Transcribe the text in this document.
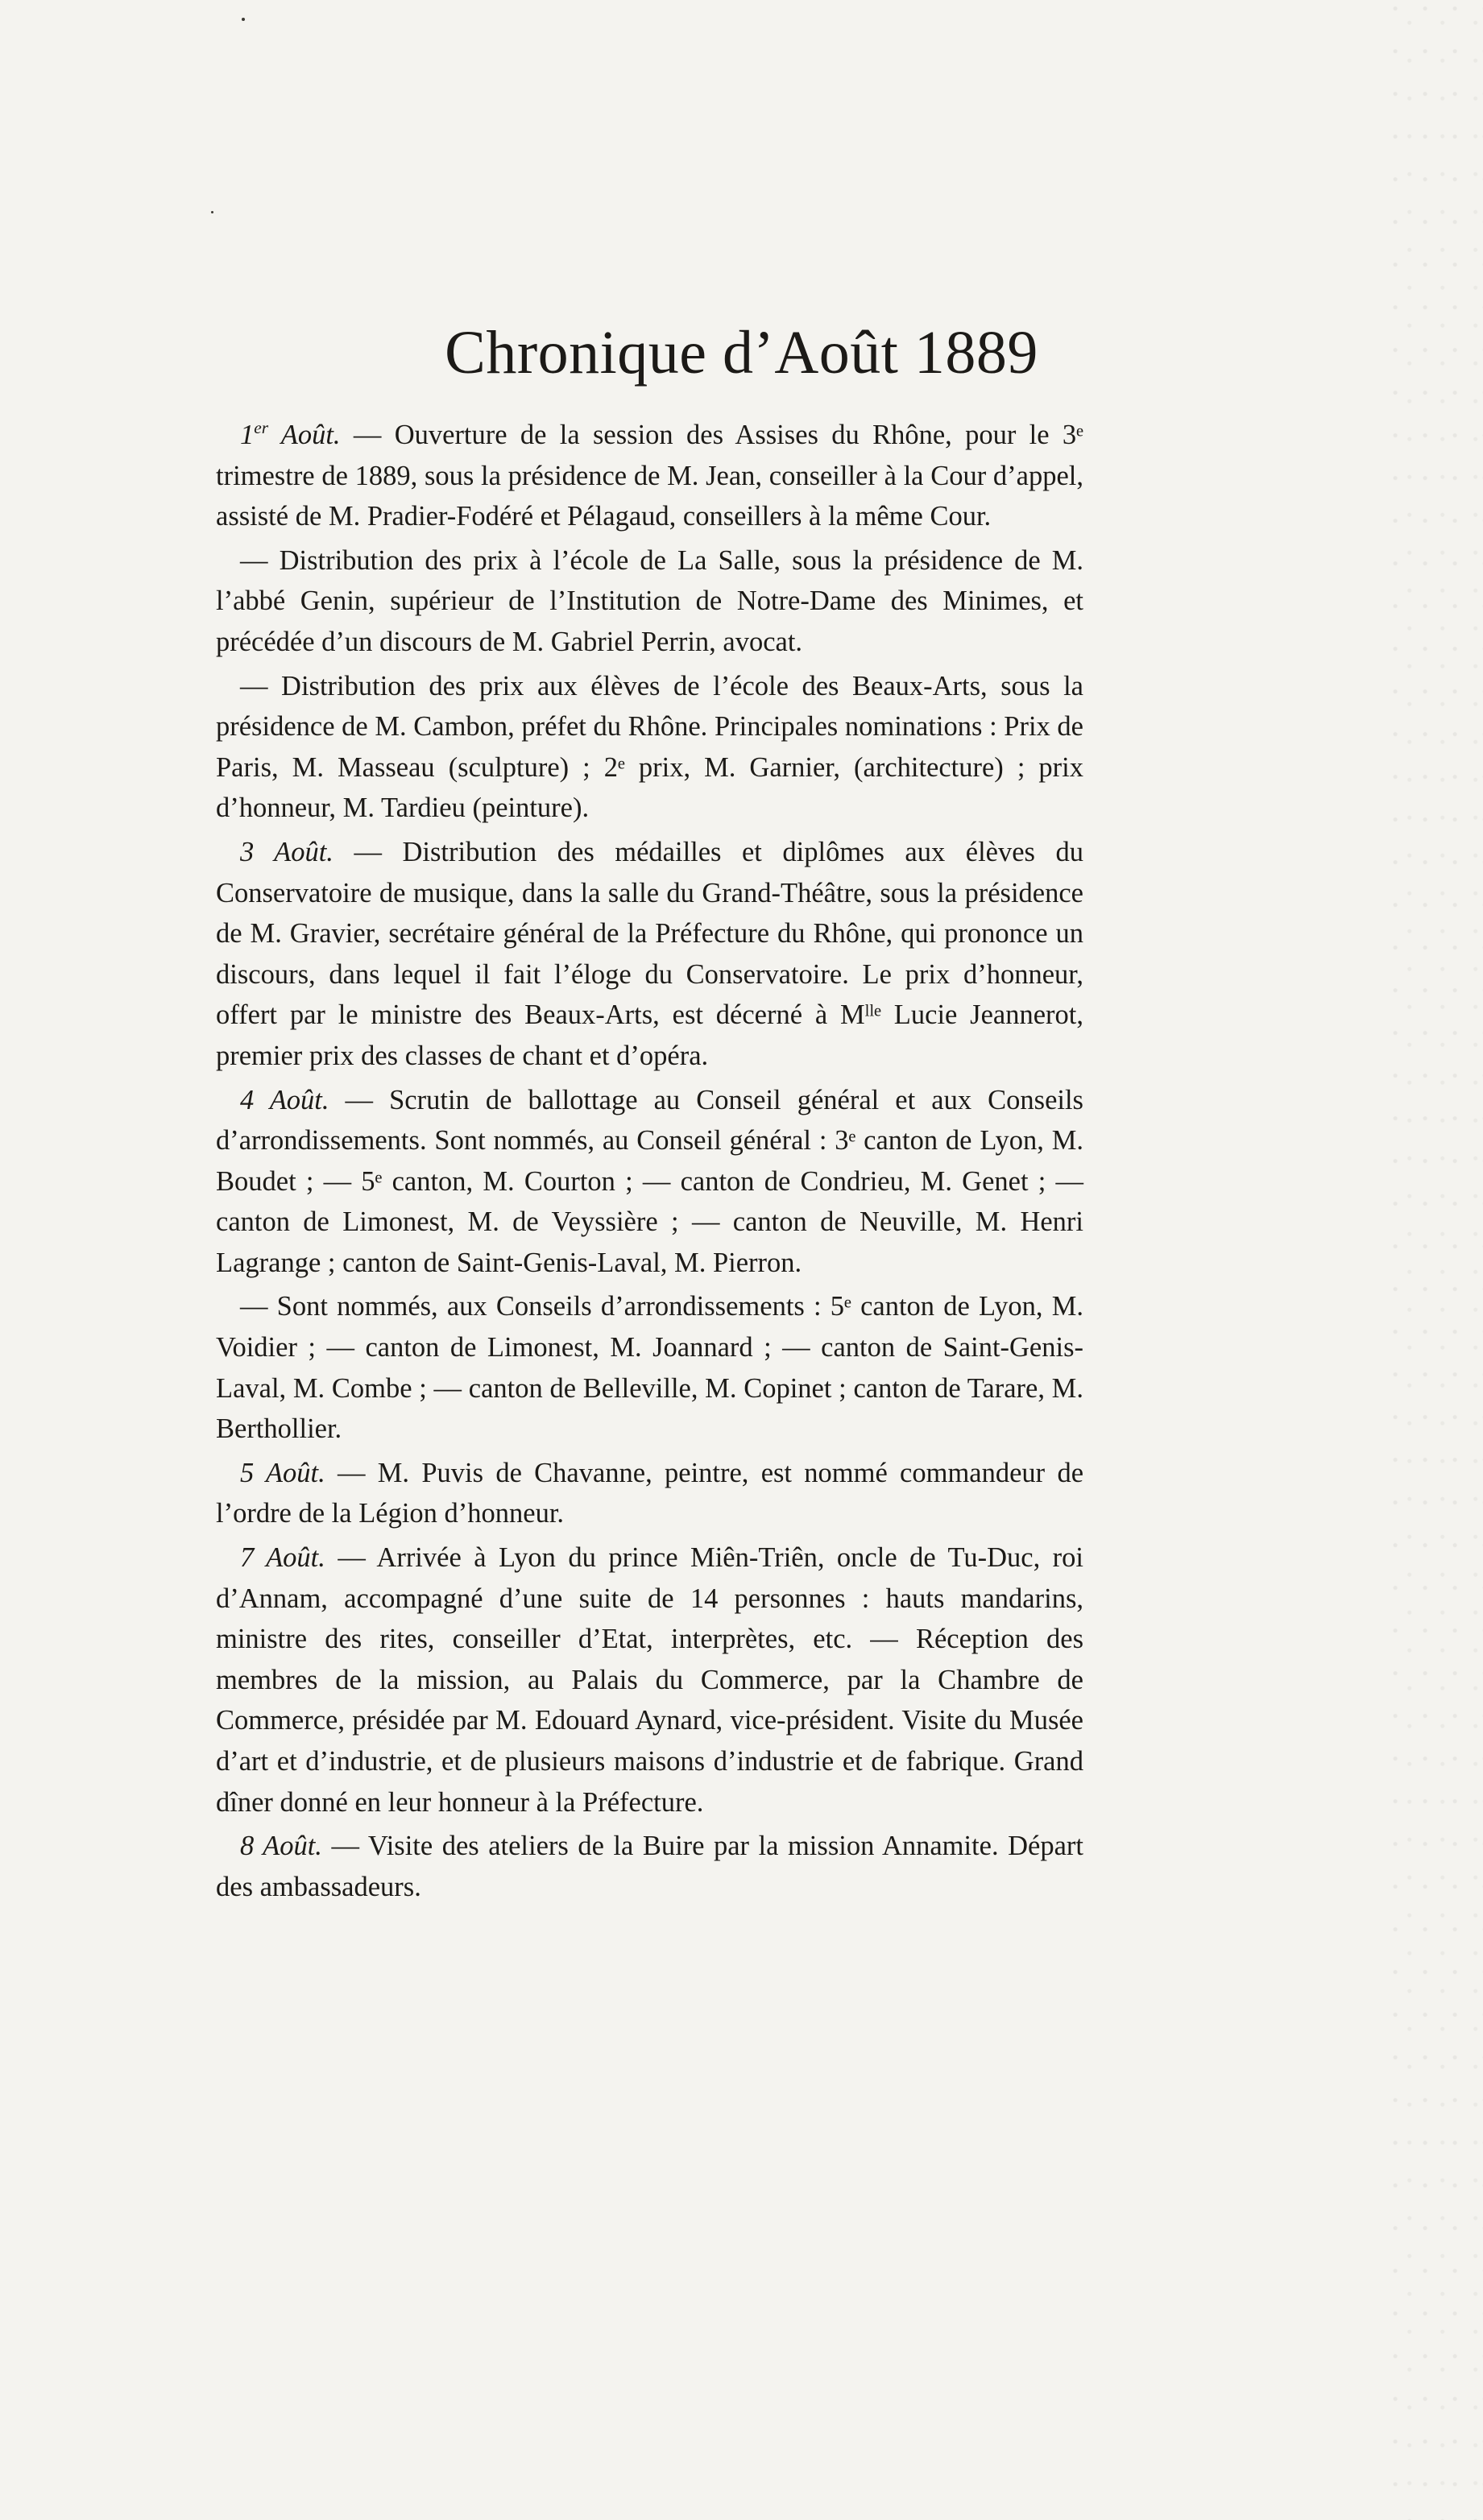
Chronique d’Août 1889

1er Août. — Ouverture de la session des Assises du Rhône, pour le 3ᵉ trimestre de 1889, sous la présidence de M. Jean, conseiller à la Cour d’appel, assisté de M. Pradier-Fodéré et Pélagaud, conseillers à la même Cour.

— Distribution des prix à l’école de La Salle, sous la présidence de M. l’abbé Genin, supérieur de l’Institution de Notre-Dame des Minimes, et précédée d’un discours de M. Gabriel Perrin, avocat.

— Distribution des prix aux élèves de l’école des Beaux-Arts, sous la présidence de M. Cambon, préfet du Rhône. Principales nominations : Prix de Paris, M. Masseau (sculpture) ; 2ᵉ prix, M. Garnier, (architecture) ; prix d’honneur, M. Tardieu (peinture).

3 Août. — Distribution des médailles et diplômes aux élèves du Conservatoire de musique, dans la salle du Grand-Théâtre, sous la présidence de M. Gravier, secrétaire général de la Préfecture du Rhône, qui prononce un discours, dans lequel il fait l’éloge du Conservatoire. Le prix d’honneur, offert par le ministre des Beaux-Arts, est décerné à Mˡˡᵉ Lucie Jeannerot, premier prix des classes de chant et d’opéra.

4 Août. — Scrutin de ballottage au Conseil général et aux Conseils d’arrondissements. Sont nommés, au Conseil général : 3ᵉ canton de Lyon, M. Boudet ; — 5ᵉ canton, M. Courton ; — canton de Condrieu, M. Genet ; — canton de Limonest, M. de Veyssière ; — canton de Neuville, M. Henri Lagrange ; canton de Saint-Genis-Laval, M. Pierron.

— Sont nommés, aux Conseils d’arrondissements : 5ᵉ canton de Lyon, M. Voidier ; — canton de Limonest, M. Joannard ; — canton de Saint-Genis-Laval, M. Combe ; — canton de Belleville, M. Copinet ; canton de Tarare, M. Berthollier.

5 Août. — M. Puvis de Chavanne, peintre, est nommé commandeur de l’ordre de la Légion d’honneur.

7 Août. — Arrivée à Lyon du prince Miên-Triên, oncle de Tu-Duc, roi d’Annam, accompagné d’une suite de 14 personnes : hauts mandarins, ministre des rites, conseiller d’Etat, interprètes, etc. — Réception des membres de la mission, au Palais du Commerce, par la Chambre de Commerce, présidée par M. Edouard Aynard, vice-président. Visite du Musée d’art et d’industrie, et de plusieurs maisons d’industrie et de fabrique. Grand dîner donné en leur honneur à la Préfecture.

8 Août. — Visite des ateliers de la Buire par la mission Annamite. Départ des ambassadeurs.
